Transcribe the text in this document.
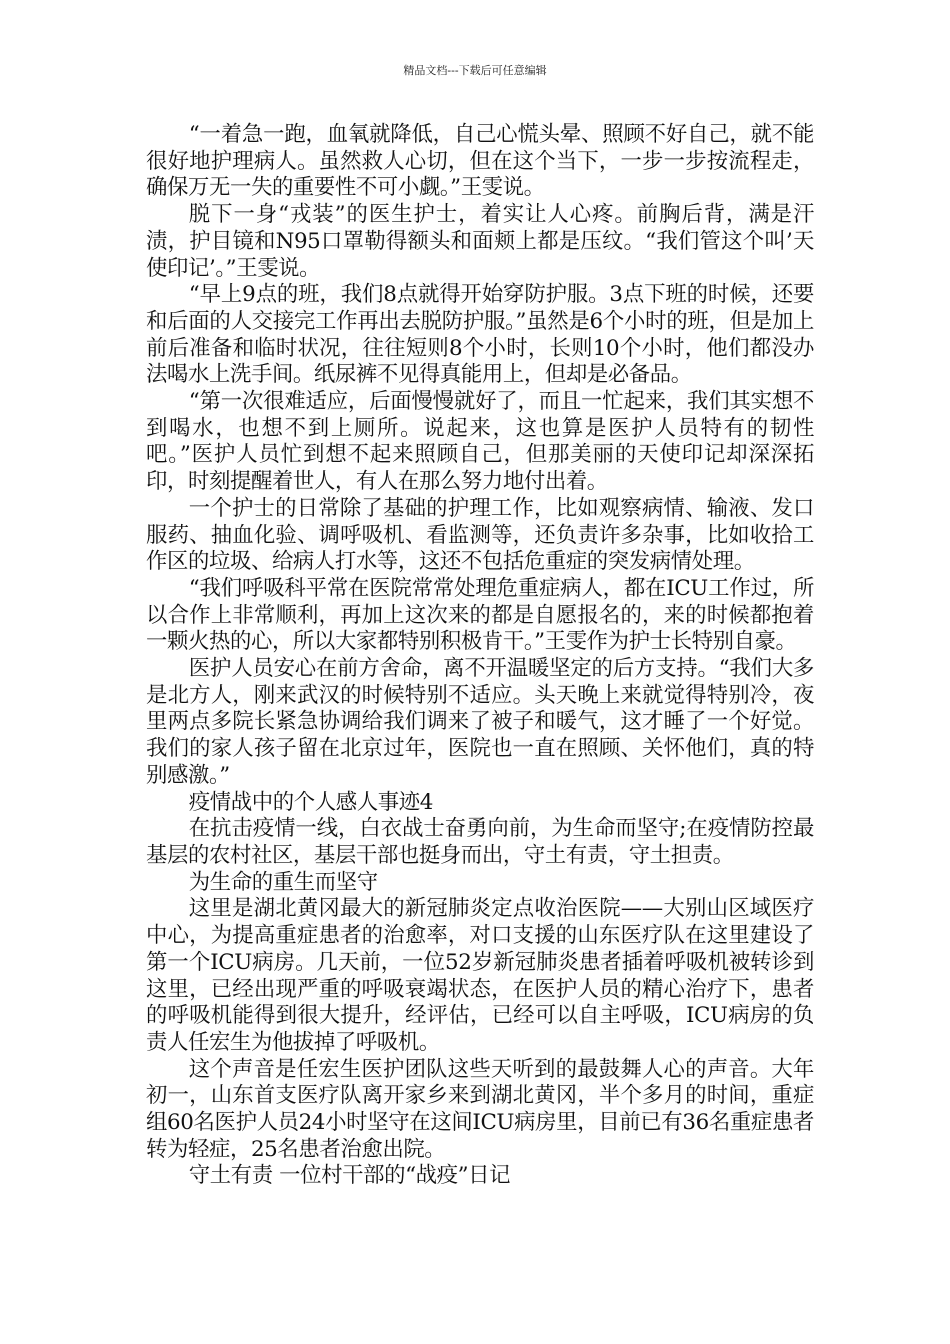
精品文档---下载后可任意编辑

“一着急一跑，血氧就降低，自己心慌头晕、照顾不好自己，就不能很好地护理病人。虽然救人心切，但在这个当下，一步一步按流程走，确保万无一失的重要性不可小觑。”王雯说。

脱下一身“戎装”的医生护士，着实让人心疼。前胸后背，满是汗渍，护目镜和N95口罩勒得额头和面颊上都是压纹。“我们管这个叫’天使印记’。”王雯说。

“早上9点的班，我们8点就得开始穿防护服。3点下班的时候，还要和后面的人交接完工作再出去脱防护服。”虽然是6个小时的班，但是加上前后准备和临时状况，往往短则8个小时，长则10个小时，他们都没办法喝水上洗手间。纸尿裤不见得真能用上，但却是必备品。

“第一次很难适应，后面慢慢就好了，而且一忙起来，我们其实想不到喝水，也想不到上厕所。说起来，这也算是医护人员特有的韧性吧。”医护人员忙到想不起来照顾自己，但那美丽的天使印记却深深拓印，时刻提醒着世人，有人在那么努力地付出着。

一个护士的日常除了基础的护理工作，比如观察病情、输液、发口服药、抽血化验、调呼吸机、看监测等，还负责许多杂事，比如收拾工作区的垃圾、给病人打水等，这还不包括危重症的突发病情处理。

“我们呼吸科平常在医院常常处理危重症病人，都在ICU工作过，所以合作上非常顺利，再加上这次来的都是自愿报名的，来的时候都抱着一颗火热的心，所以大家都特别积极肯干。”王雯作为护士长特别自豪。

医护人员安心在前方舍命，离不开温暖坚定的后方支持。“我们大多是北方人，刚来武汉的时候特别不适应。头天晚上来就觉得特别冷，夜里两点多院长紧急协调给我们调来了被子和暖气，这才睡了一个好觉。我们的家人孩子留在北京过年，医院也一直在照顾、关怀他们，真的特别感激。”

疫情战中的个人感人事迹4

在抗击疫情一线，白衣战士奋勇向前，为生命而坚守;在疫情防控最基层的农村社区，基层干部也挺身而出，守土有责，守土担责。

为生命的重生而坚守

这里是湖北黄冈最大的新冠肺炎定点收治医院——大别山区域医疗中心，为提高重症患者的治愈率，对口支援的山东医疗队在这里建设了第一个ICU病房。几天前，一位52岁新冠肺炎患者插着呼吸机被转诊到这里，已经出现严重的呼吸衰竭状态，在医护人员的精心治疗下，患者的呼吸机能得到很大提升，经评估，已经可以自主呼吸，ICU病房的负责人任宏生为他拔掉了呼吸机。

这个声音是任宏生医护团队这些天听到的最鼓舞人心的声音。大年初一，山东首支医疗队离开家乡来到湖北黄冈，半个多月的时间，重症组60名医护人员24小时坚守在这间ICU病房里，目前已有36名重症患者转为轻症，25名患者治愈出院。

守土有责 一位村干部的“战疫”日记
